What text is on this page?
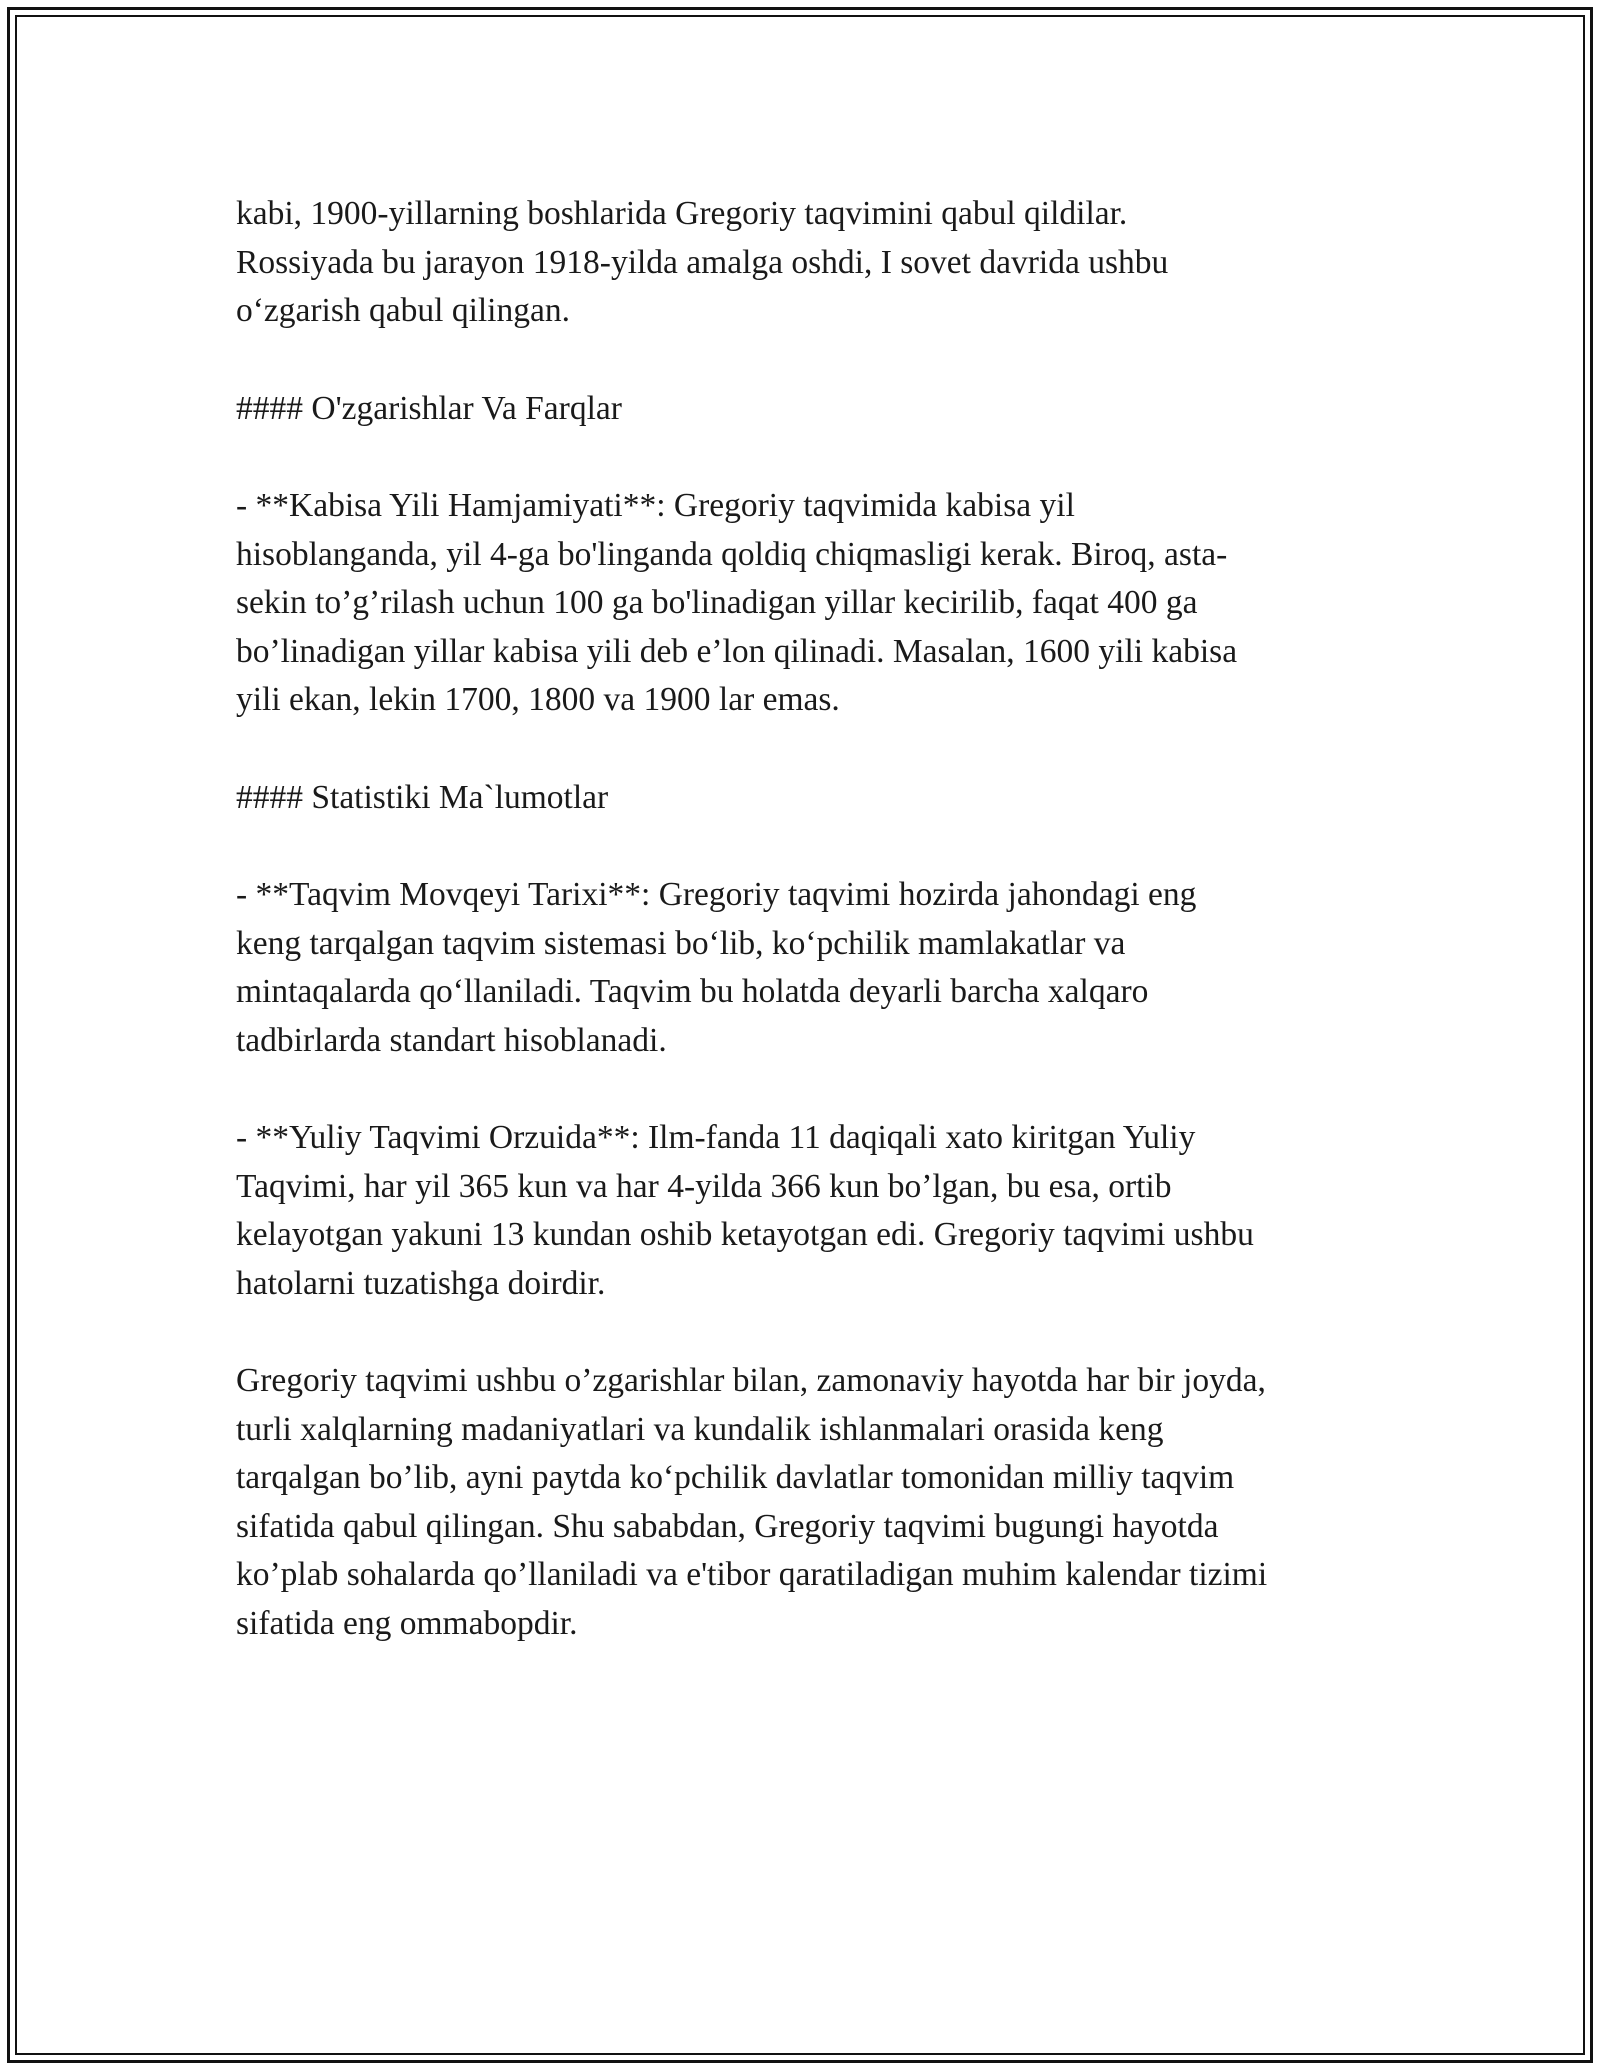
kabi, 1900-yillarning boshlarida Gregoriy taqvimini qabul qildilar.
Rossiyada bu jarayon 1918-yilda amalga oshdi, I sovet davrida ushbu
o‘zgarish qabul qilingan.

#### O'zgarishlar Va Farqlar

- **Kabisa Yili Hamjamiyati**: Gregoriy taqvimida kabisa yil
hisoblanganda, yil 4-ga bo'linganda qoldiq chiqmasligi kerak. Biroq, asta-
sekin to’g’rilash uchun 100 ga bo'linadigan yillar kecirilib, faqat 400 ga
bo’linadigan yillar kabisa yili deb e’lon qilinadi. Masalan, 1600 yili kabisa
yili ekan, lekin 1700, 1800 va 1900 lar emas.

#### Statistiki Ma`lumotlar

- **Taqvim Movqeyi Tarixi**: Gregoriy taqvimi hozirda jahondagi eng
keng tarqalgan taqvim sistemasi bo‘lib, ko‘pchilik mamlakatlar va
mintaqalarda qo‘llaniladi. Taqvim bu holatda deyarli barcha xalqaro
tadbirlarda standart hisoblanadi.

- **Yuliy Taqvimi Orzuida**: Ilm-fanda 11 daqiqali xato kiritgan Yuliy
Taqvimi, har yil 365 kun va har 4-yilda 366 kun bo’lgan, bu esa, ortib
kelayotgan yakuni 13 kundan oshib ketayotgan edi. Gregoriy taqvimi ushbu
hatolarni tuzatishga doirdir.

Gregoriy taqvimi ushbu o’zgarishlar bilan, zamonaviy hayotda har bir joyda,
turli xalqlarning madaniyatlari va kundalik ishlanmalari orasida keng
tarqalgan bo’lib, ayni paytda ko‘pchilik davlatlar tomonidan milliy taqvim
sifatida qabul qilingan. Shu sababdan, Gregoriy taqvimi bugungi hayotda
ko’plab sohalarda qo’llaniladi va e'tibor qaratiladigan muhim kalendar tizimi
sifatida eng ommabopdir.
